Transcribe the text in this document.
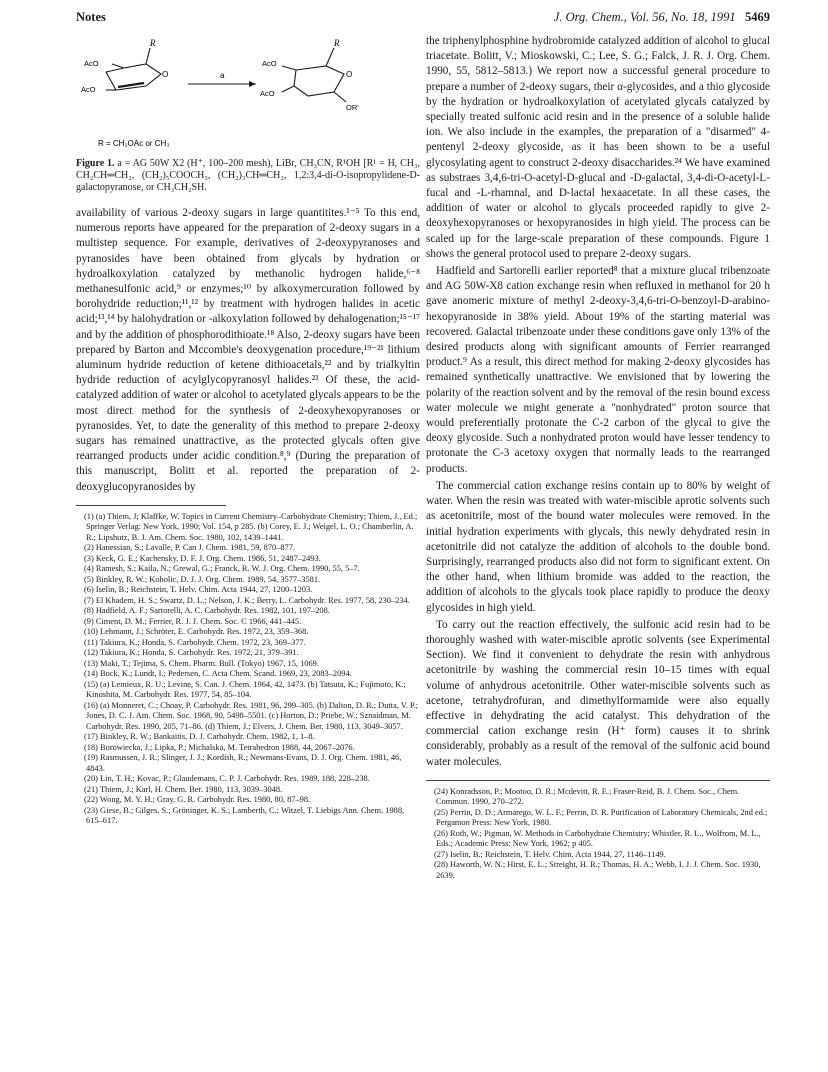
Notes	J. Org. Chem., Vol. 56, No. 18, 1991 5469
R
AcO
AcO
O	a
R
AcO
AcO
O
OR'
R = CH₂OAc or CH₃
Figure 1. a = AG 50W X2 (H⁺, 100–200 mesh), LiBr, CH₃CN, R¹OH [R¹ = H, CH₃, CH₂CH═CH₂, (CH₂)₅COOCH₃, (CH₂)₃CH═CH₂, 1,2:3,4-di-O-isopropylidene-D-galactopyranose, or CH₃CH₂SH.

availability of various 2-deoxy sugars in large quantitites.¹⁻⁵ To this end, numerous reports have appeared for the preparation of 2-deoxy sugars in a multistep sequence. For example, derivatives of 2-deoxypyranoses and pyranosides have been obtained from glycals by hydration or hydroalkoxylation catalyzed by methanolic hydrogen halide,⁶⁻⁸ methanesulfonic acid,⁹ or enzymes;¹⁰ by alkoxymercuration followed by borohydride reduction;¹¹,¹² by treatment with hydrogen halides in acetic acid;¹³,¹⁴ by halohydration or -alkoxylation followed by dehalogenation;¹⁵⁻¹⁷ and by the addition of phosphorodithioate.¹⁸ Also, 2-deoxy sugars have been prepared by Barton and Mccombie's deoxygenation procedure,¹⁹⁻²¹ lithium aluminum hydride reduction of ketene dithioacetals,²² and by trialkyltin hydride reduction of acylglycopyranosyl halides.²³ Of these, the acid-catalyzed addition of water or alcohol to acetylated glycals appears to be the most direct method for the synthesis of 2-deoxyhexopyranoses or pyranosides. Yet, to date the generality of this method to prepare 2-deoxy sugars has remained unattractive, as the protected glycals often give rearranged products under acidic condition.⁸,⁹ (During the preparation of this manuscript, Bolitt et al. reported the preparation of 2-deoxyglucopyranosides by

(1) (a) Thiem, J; Klaffke, W. Topics in Current Chemistry–Carbohydrate Chemistry; Thiem, J., Ed.; Springer Verlag: New York, 1990; Vol. 154, p 285. (b) Corey, E. J.; Weigel, L. O.; Chamberlin, A. R.; Lipshutz, B. J. Am. Chem. Soc. 1980, 102, 1439–1441.

(2) Hanessian, S.; Lavalle, P. Can J. Chem. 1981, 59, 870–877.

(3) Keck, G. E.; Kachensky, D. F. J. Org. Chem. 1986, 51, 2487–2493.

(4) Ramesh, S.; Kaila, N.; Grewal, G.; Franck, R. W. J. Org. Chem. 1990, 55, 5–7.

(5) Binkley, R. W.; Koholic, D. J. J. Org. Chem. 1989, 54, 3577–3581.

(6) Iselin, B.; Reichstein, T. Helv. Chim. Acta 1944, 27, 1200–1203.

(7) El Khadem, H. S.; Swartz, D. L.; Nelson, J. K.; Berry, L. Carbohydr. Res. 1977, 58, 230–234.

(8) Hadfield, A. F.; Sartorelli, A. C. Carbohydr. Res. 1982, 101, 197–208.

(9) Ciment, D. M.; Ferrier, R. J. J. Chem. Soc. C 1966, 441–445.

(10) Lehmann, J.; Schröter, E. Carbohydr. Res. 1972, 23, 359–368.

(11) Takiura, K.; Honda, S. Carbohydr. Chem. 1972, 23, 369–377.

(12) Takiura, K.; Honda, S. Carbohydr. Res. 1972, 21, 379–391.

(13) Maki, T.; Tejima, S. Chem. Pharm. Bull. (Tokyo) 1967, 15, 1069.

(14) Bock, K.; Lundt, I.; Pedersen, C. Acta Chem. Scand. 1969, 23, 2083–2094.

(15) (a) Lemieux, R. U.; Levine, S. Can. J. Chem. 1964, 42, 1473. (b) Tatsuta, K.; Fujimoto, K.; Kinoshita, M. Carbohydr. Res. 1977, 54, 85–104.

(16) (a) Monneret, C.; Choay, P. Carbohydr. Res. 1981, 96, 299–305. (b) Dalton, D. R.; Dutta, V. P.; Jones, D. C. J. Am. Chem. Soc. 1968, 90, 5498–5501. (c) Horton, D.; Priebe, W.; Sznaidman, M. Carbohydr. Res. 1990, 205, 71–86. (d) Thiem, J.; Elvers, J. Chem. Ber. 1980, 113, 3049–3057.

(17) Binkley, R. W.; Bankaitis, D. J. Carbohydr. Chem. 1982, 1, 1–8.

(18) Borowiecka, J.; Lipka, P.; Michalska, M. Tetrahedron 1988, 44, 2067–2076.

(19) Rasmussen, J. R.; Slinger, J. J.; Kordish, R.; Newmans-Evans, D. J. Org. Chem. 1981, 46, 4843.

(20) Lin, T. H.; Kovac, P.; Glaudemans, C. P. J. Carbohydr. Res. 1989, 188, 228–238.

(21) Thiem, J.; Karl, H. Chem. Ber. 1980, 113, 3039–3048.

(22) Wong, M. Y. H.; Gray, G. R. Carbohydr. Res. 1980, 80, 87–98.

(23) Giese, B.; Gilges, S.; Gröninger, K. S.; Lamberth, C.; Witzel, T. Liebigs Ann. Chem. 1988, 615–617.

the triphenylphosphine hydrobromide catalyzed addition of alcohol to glucal triacetate. Bolitt, V.; Mioskowski, C.; Lee, S. G.; Falck, J. R. J. Org. Chem. 1990, 55, 5812–5813.) We report now a successful general procedure to prepare a number of 2-deoxy sugars, their α-glycosides, and a thio glycoside by the hydration or hydroalkoxylation of acetylated glycals catalyzed by specially treated sulfonic acid resin and in the presence of a soluble halide ion. We also include in the examples, the preparation of a "disarmed" 4-pentenyl 2-deoxy glycoside, as it has been shown to be a useful glycosylating agent to construct 2-deoxy disaccharides.²⁴ We have examined as substraes 3,4,6-tri-O-acetyl-D-glucal and -D-galactal, 3,4-di-O-acetyl-L-fucal and -L-rhamnal, and D-lactal hexaacetate. In all these cases, the addition of water or alcohol to glycals proceeded rapidly to give 2-deoxyhexopyranoses or hexopyranosides in high yield. The process can be scaled up for the large-scale preparation of these compounds. Figure 1 shows the general protocol used to prepare 2-deoxy sugars.

Hadfield and Sartorelli earlier reported⁸ that a mixture glucal tribenzoate and AG 50W-X8 cation exchange resin when refluxed in methanol for 20 h gave anomeric mixture of methyl 2-deoxy-3,4,6-tri-O-benzoyl-D-arabino-hexopyranoside in 38% yield. About 19% of the starting material was recovered. Galactal tribenzoate under these conditions gave only 13% of the desired products along with significant amounts of Ferrier rearranged product.⁹ As a result, this direct method for making 2-deoxy glycosides has remained synthetically unattractive. We envisioned that by lowering the polarity of the reaction solvent and by the removal of the resin bound excess water molecule we might generate a "nonhydrated" proton source that would preferentially protonate the C-2 carbon of the glycal to give the deoxy glycoside. Such a nonhydrated proton would have lesser tendency to protonate the C-3 acetoxy oxygen that normally leads to the rearranged products.

The commercial cation exchange resins contain up to 80% by weight of water. When the resin was treated with water-miscible aprotic solvents such as acetonitrile, most of the bound water molecules were removed. In the initial hydration experiments with glycals, this newly dehydrated resin in acetonitrile did not catalyze the addition of alcohols to the double bond. Surprisingly, rearranged products also did not form to significant extent. On the other hand, when lithium bromide was added to the reaction, the addition of alcohols to the glycals took place rapidly to produce the deoxy glycosides in high yield.

To carry out the reaction effectively, the sulfonic acid resin had to be thoroughly washed with water-miscible aprotic solvents (see Experimental Section). We find it convenient to dehydrate the resin with anhydrous acetonitrile by washing the commercial resin 10–15 times with equal volume of anhydrous acetonitrile. Other water-miscible solvents such as acetone, tetrahydrofuran, and dimethylformamide were also equally effective in dehydrating the acid catalyst. This dehydration of the commercial cation exchange resin (H⁺ form) causes it to shrink considerably, probably as a result of the removal of the sulfonic acid bound water molecules.

(24) Konradsson, P.; Mootoo, D. R.; Mcdevitt, R. E.; Fraser-Reid, B. J. Chem. Soc., Chem. Commun. 1990, 270–272.

(25) Perrin, D. D.; Armarego, W. L. F.; Perrin, D. R. Purification of Laboratory Chemicals, 2nd ed.; Pergamon Press: New York, 1980.

(26) Roth, W.; Pigman, W. Methods in Carbohydrate Chemistry; Whistler, R. L., Wolfrom, M. L., Eds.; Academic Press: New York, 1962; p 405.

(27) Iselin, B.; Reichstein, T. Helv. Chim. Acta 1944, 27, 1146–1149.

(28) Haworth, W. N.; Hirst, E. L.; Streight, H. R.; Thomas, H. A.; Webb, I. J. J. Chem. Soc. 1930, 2639.
